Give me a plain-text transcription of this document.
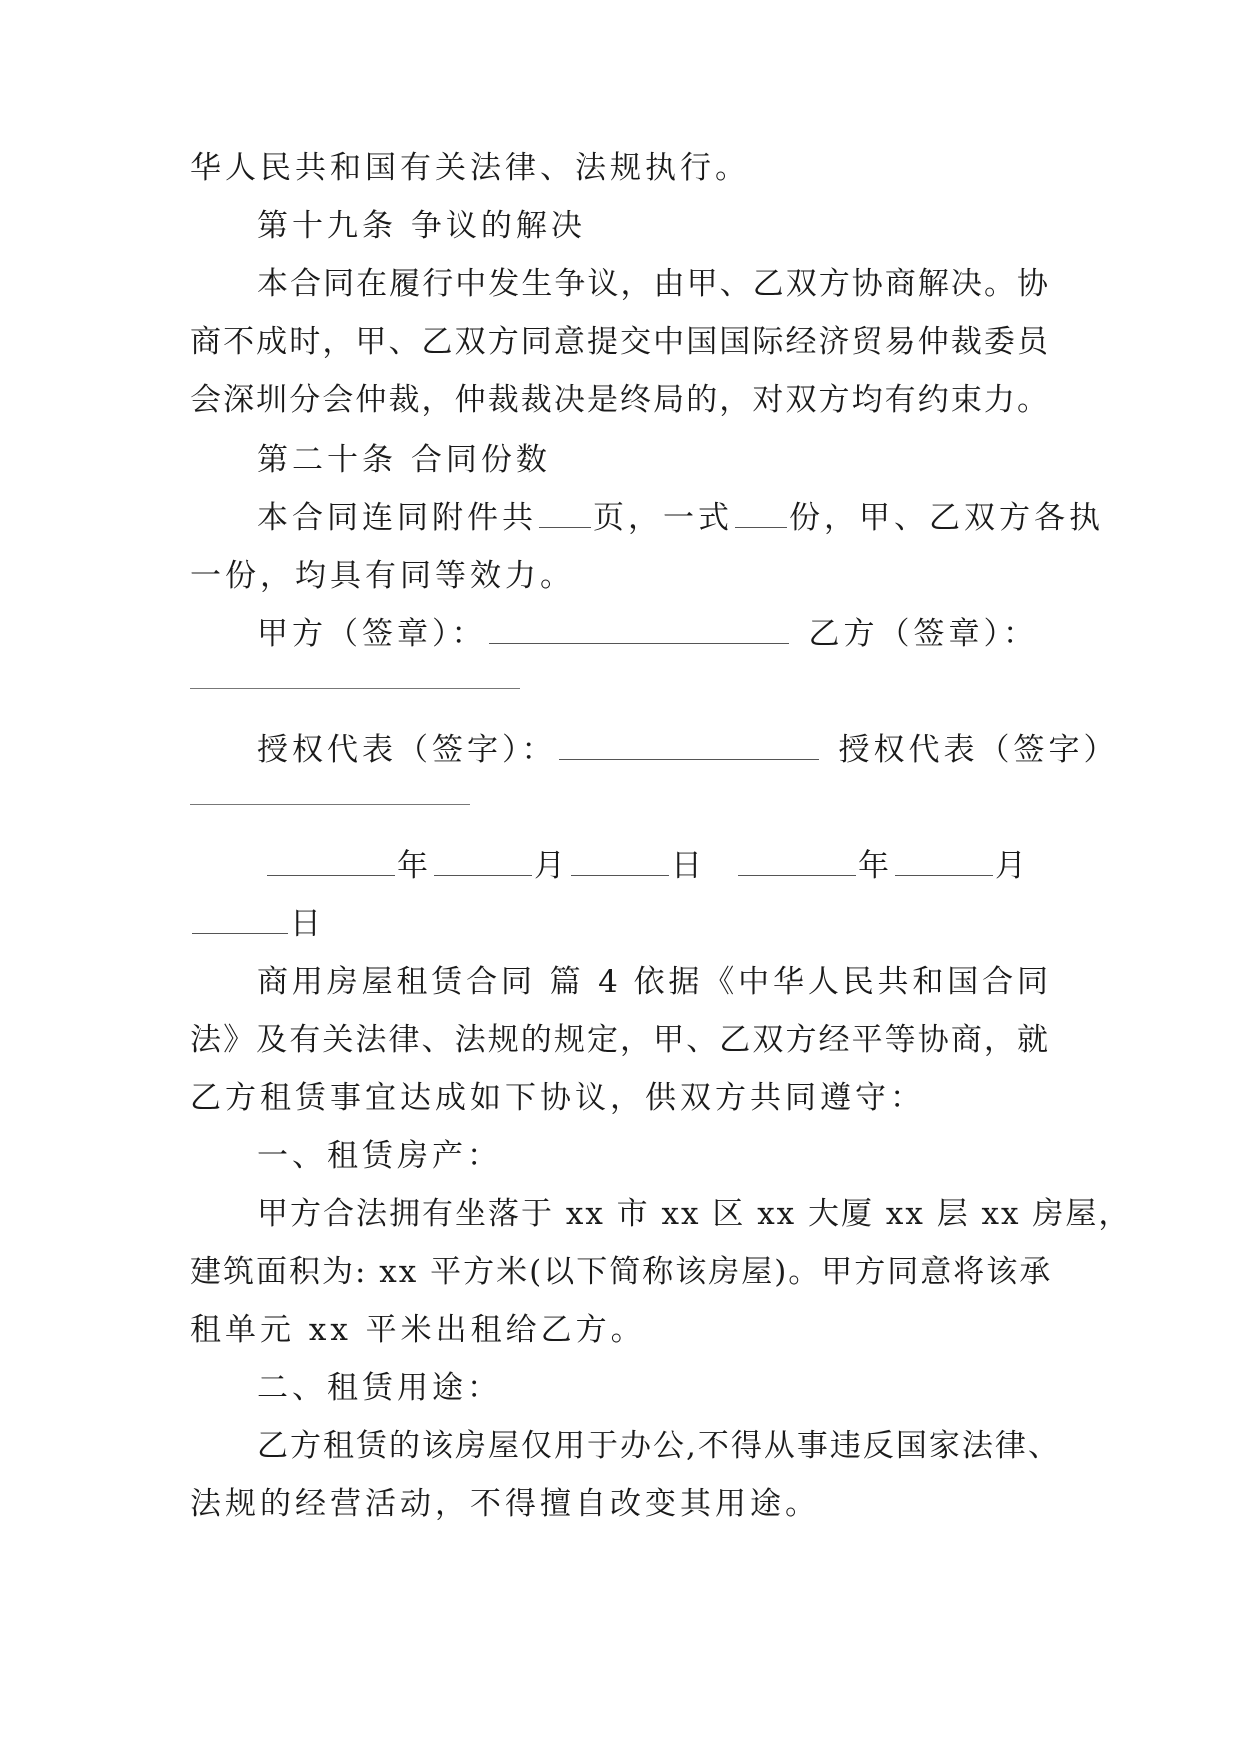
华人民共和国有关法律、法规执行。
第十九条 争议的解决
本合同在履行中发生争议，由甲、乙双方协商解决。协
商不成时，甲、乙双方同意提交中国国际经济贸易仲裁委员
会深圳分会仲裁，仲裁裁决是终局的，对双方均有约束力。
第二十条 合同份数
本合同连同附件共 页，一式 份，甲、乙双方各执
一份，均具有同等效力。
甲方（签章）：	乙方（签章）：
授权代表（签字）：	授权代表（签字）
年	月	日	年	月
日
商用房屋租赁合同 篇 4 依据《中华人民共和国合同
法》及有关法律、法规的规定，甲、乙双方经平等协商，就
乙方租赁事宜达成如下协议，供双方共同遵守：
一、租赁房产：
甲方合法拥有坐落于 xx 市 xx 区 xx 大厦 xx 层 xx 房屋，
建筑面积为: xx 平方米(以下简称该房屋)。甲方同意将该承
租单元 xx 平米出租给乙方。
二、租赁用途：
乙方租赁的该房屋仅用于办公,不得从事违反国家法律、
法规的经营活动，不得擅自改变其用途。
